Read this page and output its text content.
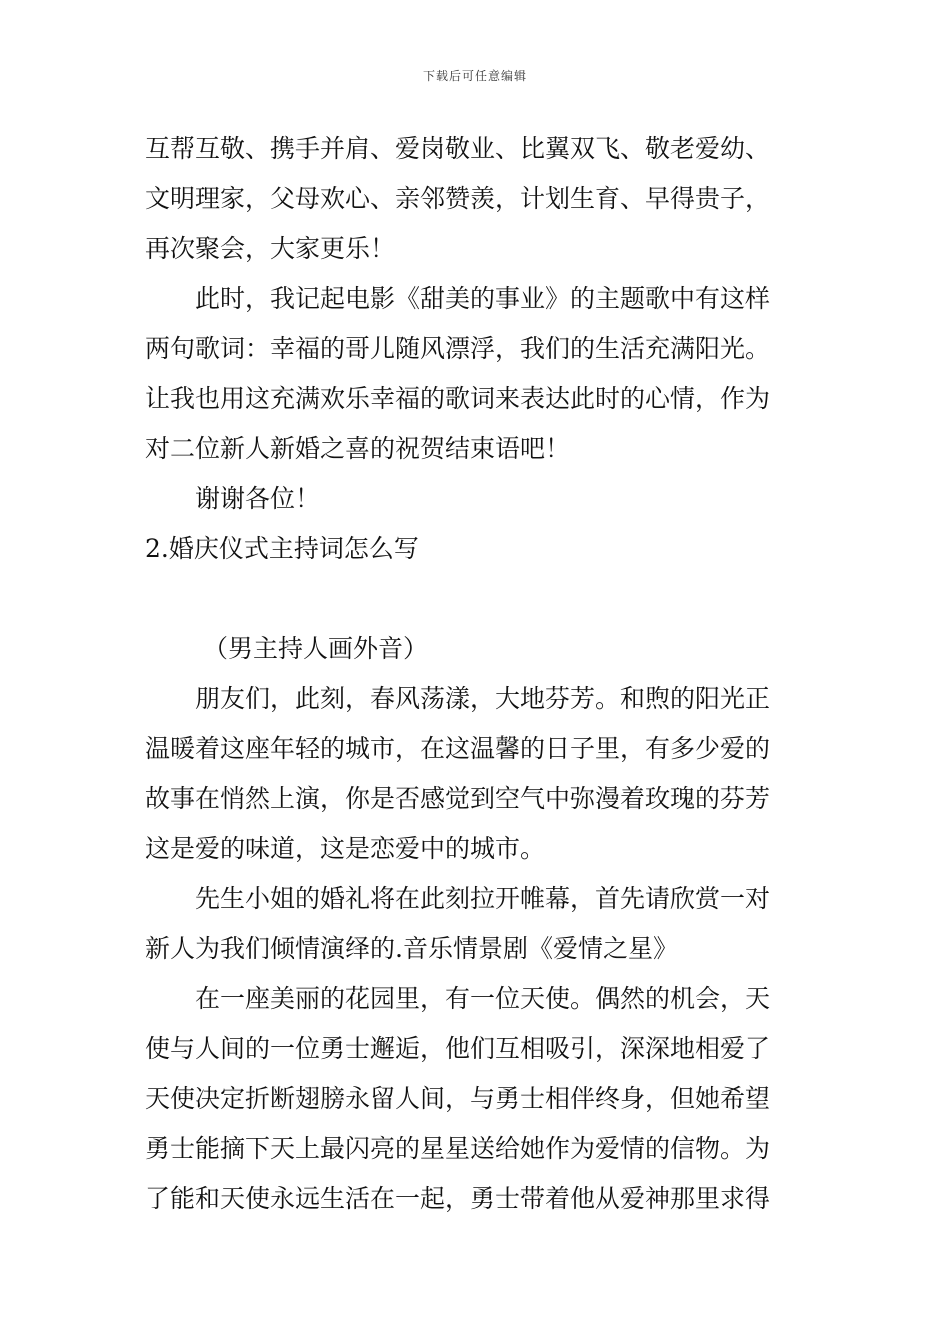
下载后可任意编辑
互帮互敬、携手并肩、爱岗敬业、比翼双飞、敬老爱幼、
文明理家，父母欢心、亲邻赞羡，计划生育、早得贵子，
再次聚会，大家更乐！
此时，我记起电影《甜美的事业》的主题歌中有这样
两句歌词：幸福的哥儿随风漂浮，我们的生活充满阳光。
让我也用这充满欢乐幸福的歌词来表达此时的心情，作为
对二位新人新婚之喜的祝贺结束语吧！
谢谢各位！
2.婚庆仪式主持词怎么写
（男主持人画外音）
朋友们，此刻，春风荡漾，大地芬芳。和煦的阳光正
温暖着这座年轻的城市，在这温馨的日子里，有多少爱的
故事在悄然上演，你是否感觉到空气中弥漫着玫瑰的芬芳
这是爱的味道，这是恋爱中的城市。
先生小姐的婚礼将在此刻拉开帷幕，首先请欣赏一对
新人为我们倾情演绎的.音乐情景剧《爱情之星》
在一座美丽的花园里，有一位天使。偶然的机会，天
使与人间的一位勇士邂逅，他们互相吸引，深深地相爱了
天使决定折断翅膀永留人间，与勇士相伴终身，但她希望
勇士能摘下天上最闪亮的星星送给她作为爱情的信物。为
了能和天使永远生活在一起，勇士带着他从爱神那里求得
